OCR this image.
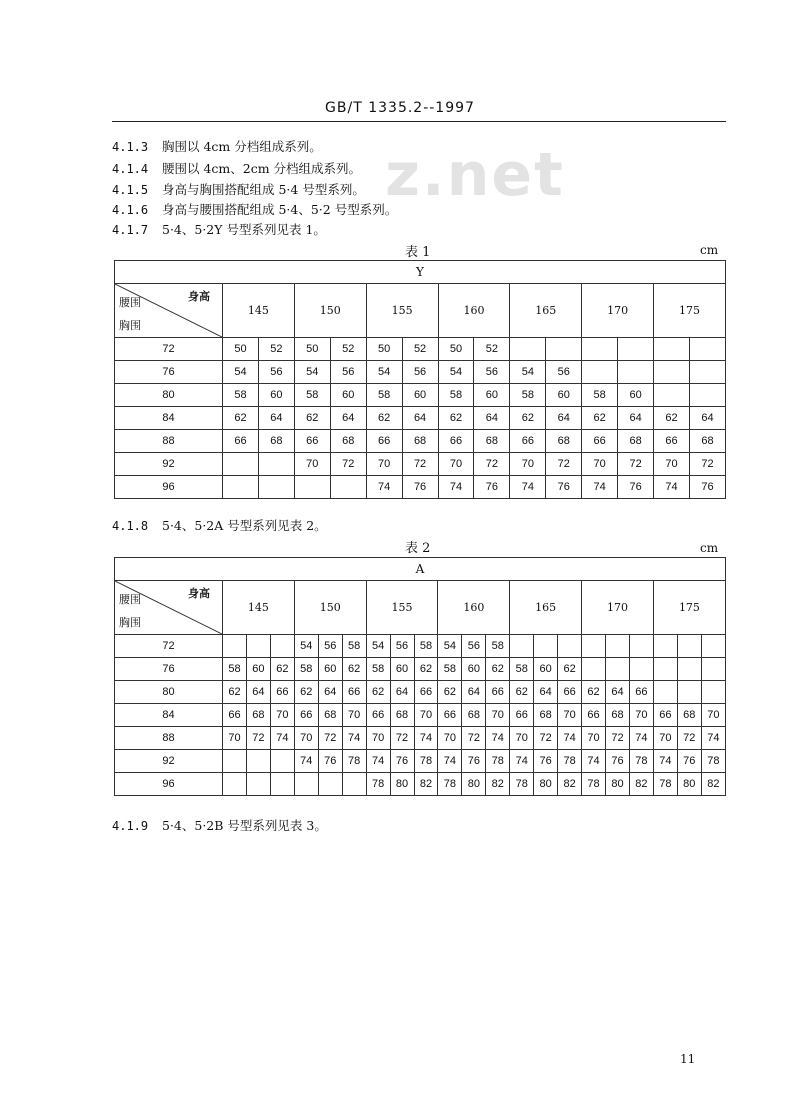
GB/T 1335.2--1997
z.net
4.1.3 胸围以 4cm 分档组成系列。
4.1.4 腰围以 4cm、2cm 分档组成系列。
4.1.5 身高与胸围搭配组成 5·4 号型系列。
4.1.6 身高与腰围搭配组成 5·4、5·2 号型系列。
4.1.7 5·4、5·2Y 号型系列见表 1。
表 1	cm
Y														

身高
腰围
胸围	145		150		155		160		165		170		175	
72	50	52	50	52	50	52	50	52						
76	54	56	54	56	54	56	54	56	54	56				
80	58	60	58	60	58	60	58	60	58	60	58	60		
84	62	64	62	64	62	64	62	64	62	64	62	64	62	64
88	66	68	66	68	66	68	66	68	66	68	66	68	66	68
92			70	72	70	72	70	72	70	72	70	72	70	72
96					74	76	74	76	74	76	74	76	74	76
4.1.8 5·4、5·2A 号型系列见表 2。
表 2	cm
A																					

身高
腰围
胸围	145			150			155			160			165			170			175		
72				54	56	58	54	56	58	54	56	58									
76	58	60	62	58	60	62	58	60	62	58	60	62	58	60	62						
80	62	64	66	62	64	66	62	64	66	62	64	66	62	64	66	62	64	66			
84	66	68	70	66	68	70	66	68	70	66	68	70	66	68	70	66	68	70	66	68	70
88	70	72	74	70	72	74	70	72	74	70	72	74	70	72	74	70	72	74	70	72	74
92				74	76	78	74	76	78	74	76	78	74	76	78	74	76	78	74	76	78
96							78	80	82	78	80	82	78	80	82	78	80	82	78	80	82
4.1.9 5·4、5·2B 号型系列见表 3。
11
